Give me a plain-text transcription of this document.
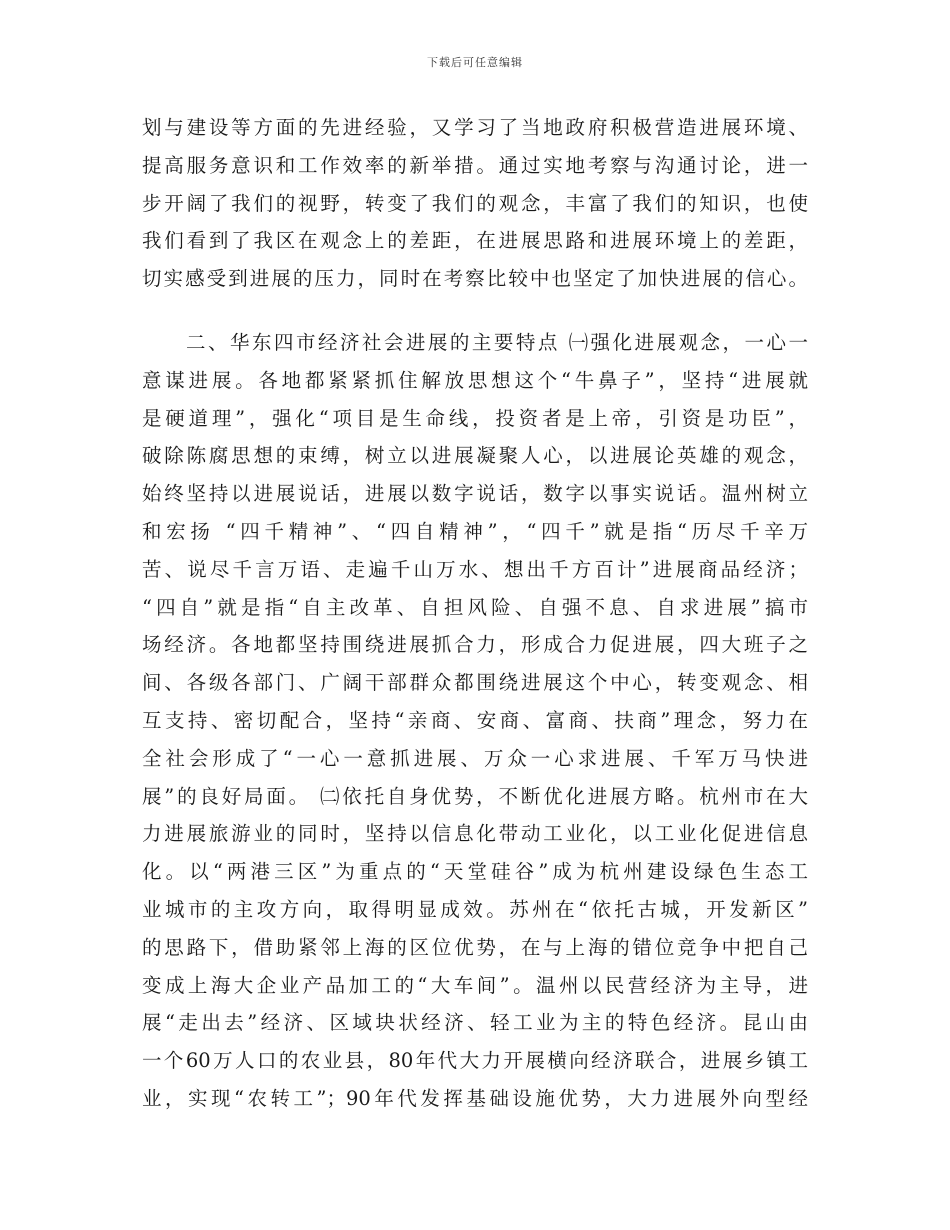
下载后可任意编辑
划与建设等方面的先进经验，又学习了当地政府积极营造进展环境、
提高服务意识和工作效率的新举措。通过实地考察与沟通讨论，进一
步开阔了我们的视野，转变了我们的观念，丰富了我们的知识，也使
我们看到了我区在观念上的差距，在进展思路和进展环境上的差距，
切实感受到进展的压力，同时在考察比较中也坚定了加快进展的信心。
　　二、华东四市经济社会进展的主要特点 ㈠强化进展观念，一心一
意谋进展。各地都紧紧抓住解放思想这个“牛鼻子”，坚持“进展就
是硬道理”，强化“项目是生命线，投资者是上帝，引资是功臣”，
破除陈腐思想的束缚，树立以进展凝聚人心，以进展论英雄的观念，
始终坚持以进展说话，进展以数字说话，数字以事实说话。温州树立
和宏扬 “四千精神”、“四自精神”，“四千”就是指“历尽千辛万
苦、说尽千言万语、走遍千山万水、想出千方百计”进展商品经济；
“四自”就是指“自主改革、自担风险、自强不息、自求进展”搞市
场经济。各地都坚持围绕进展抓合力，形成合力促进展，四大班子之
间、各级各部门、广阔干部群众都围绕进展这个中心，转变观念、相
互支持、密切配合，坚持“亲商、安商、富商、扶商”理念，努力在
全社会形成了“一心一意抓进展、万众一心求进展、千军万马快进
展”的良好局面。 ㈡依托自身优势，不断优化进展方略。杭州市在大
力进展旅游业的同时，坚持以信息化带动工业化，以工业化促进信息
化。以“两港三区”为重点的“天堂硅谷”成为杭州建设绿色生态工
业城市的主攻方向，取得明显成效。苏州在“依托古城，开发新区”
的思路下，借助紧邻上海的区位优势，在与上海的错位竞争中把自己
变成上海大企业产品加工的“大车间”。温州以民营经济为主导，进
展“走出去”经济、区域块状经济、轻工业为主的特色经济。昆山由
一个60万人口的农业县，80年代大力开展横向经济联合，进展乡镇工
业，实现“农转工”；90年代发挥基础设施优势，大力进展外向型经
